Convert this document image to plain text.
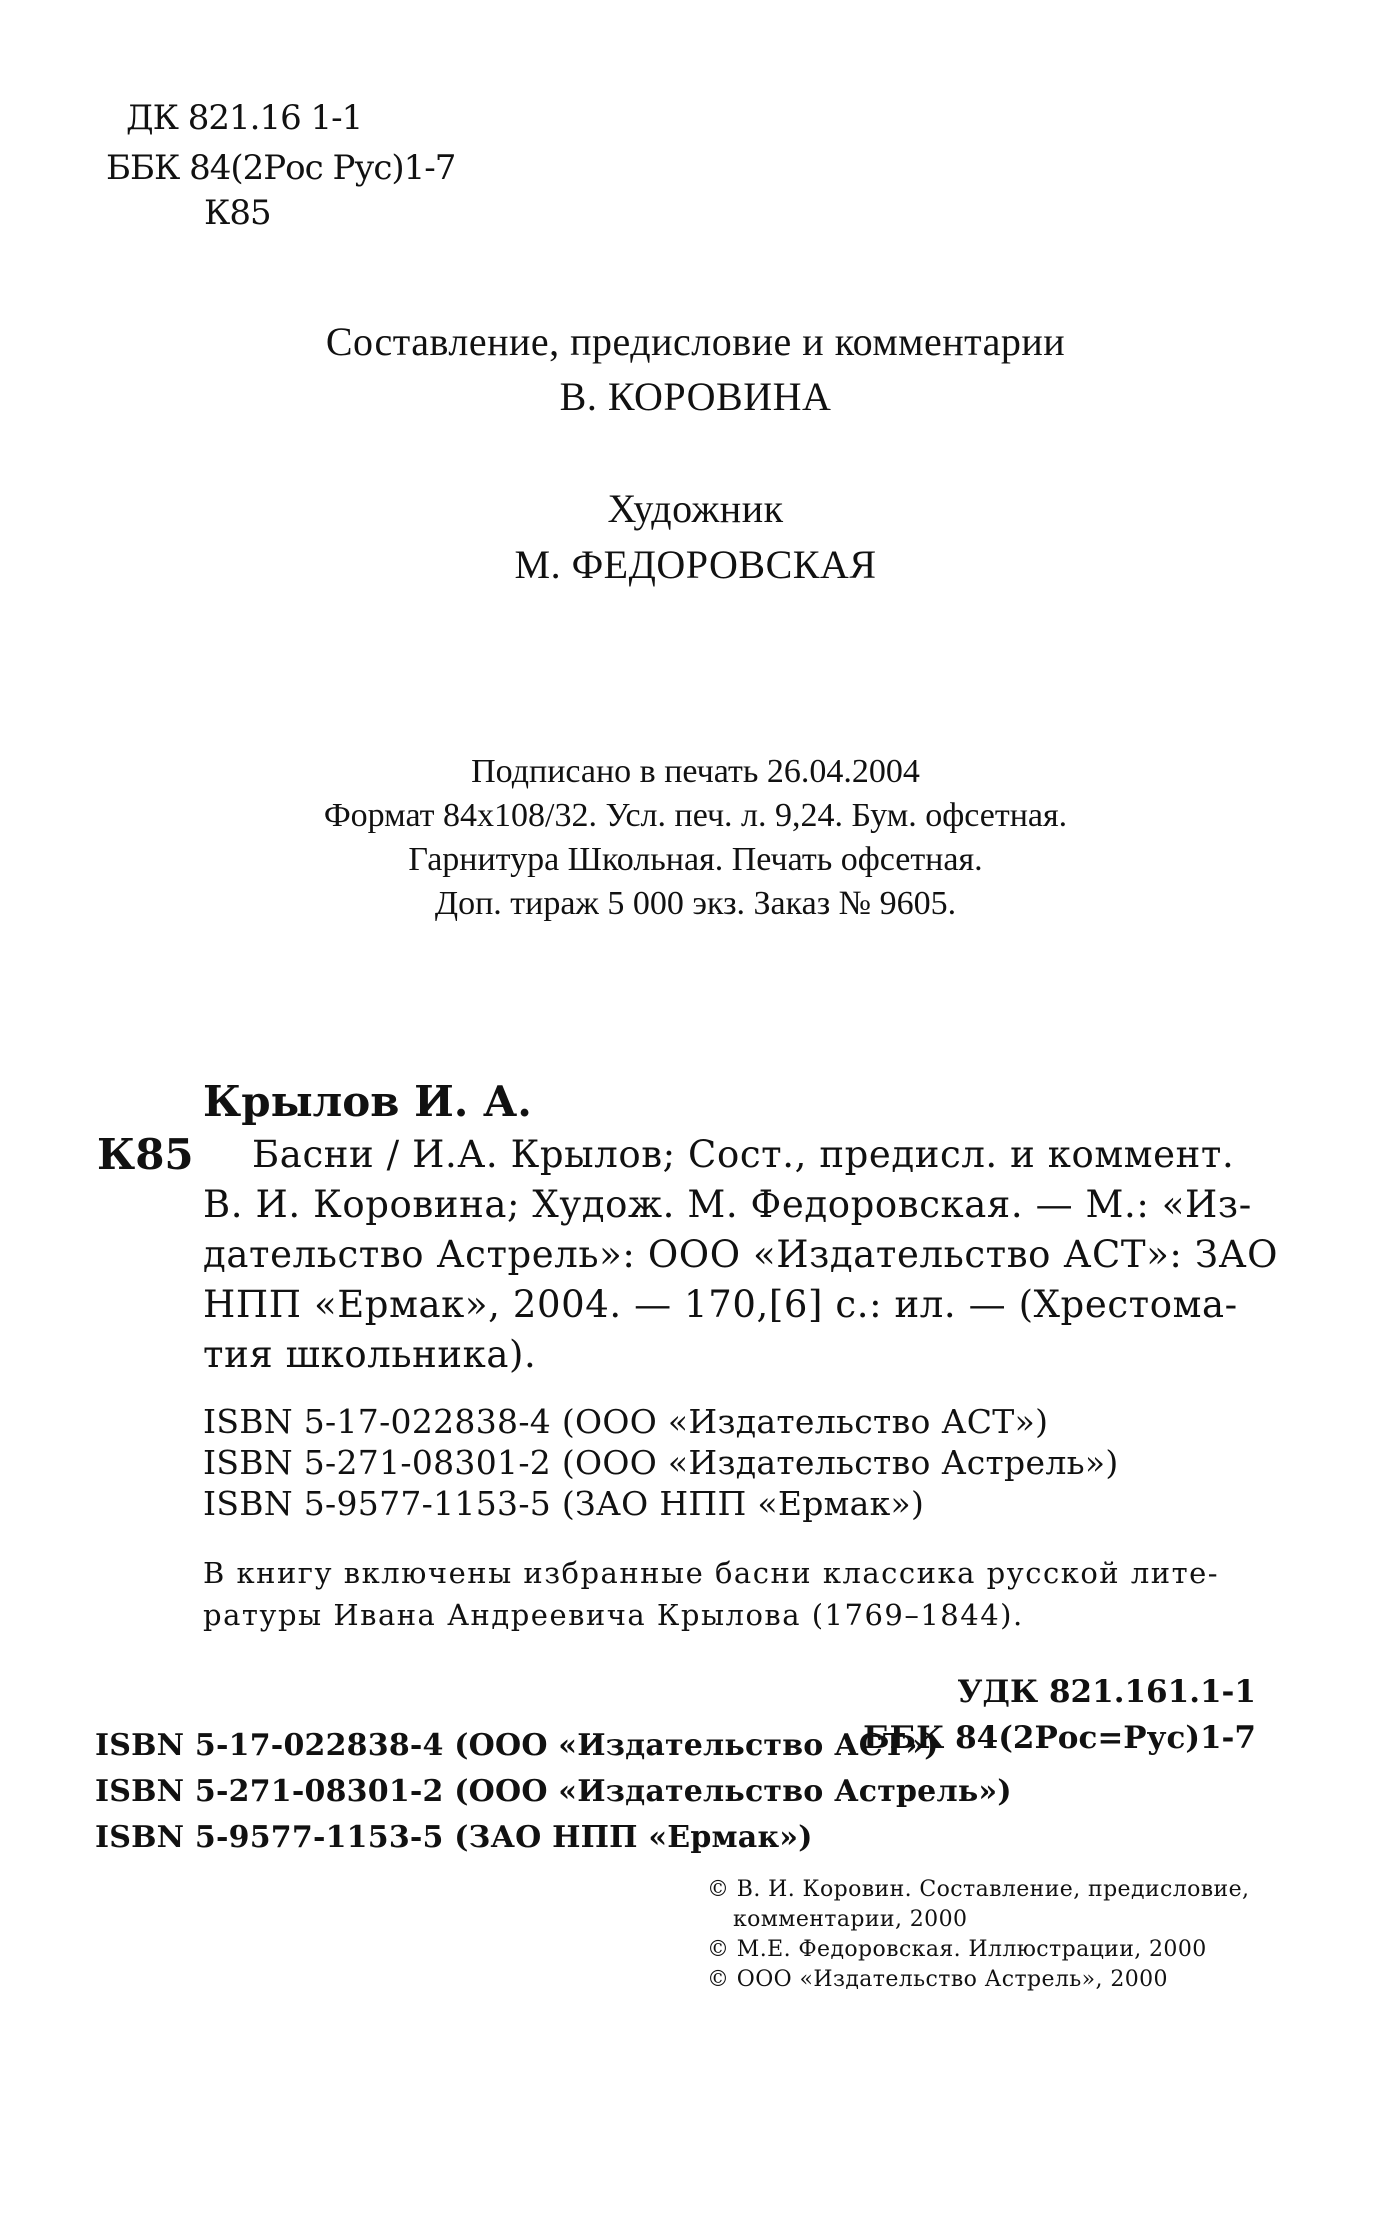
ДК 821.16 1-1
ББК 84(2Рос Рус)1-7
К85
Составление, предисловие и комментарии
В. КОРОВИНА
Художник
М. ФЕДОРОВСКАЯ
Подписано в печать 26.04.2004
Формат 84х108/32. Усл. печ. л. 9,24. Бум. офсетная.
Гарнитура Школьная. Печать офсетная.
Доп. тираж 5 000 экз. Заказ № 9605.
Крылов И. А.
К85 Басни / И.А. Крылов; Сост., предисл. и коммент.
В. И. Коровина; Худож. М. Федоровская. — М.: «Из-
дательство Астрель»: ООО «Издательство АСТ»: ЗАО
НПП «Ермак», 2004. — 170,[6] с.: ил. — (Хрестома-
тия школьника).
ISBN 5-17-022838-4 (ООО «Издательство АСТ»)
ISBN 5-271-08301-2 (ООО «Издательство Астрель»)
ISBN 5-9577-1153-5 (ЗАО НПП «Ермак»)
В книгу включены избранные басни классика русской лите-
ратуры Ивана Андреевича Крылова (1769–1844).
УДК 821.161.1-1
ББК 84(2Рос=Рус)1-7
ISBN 5-17-022838-4 (ООО «Издательство АСТ»)
ISBN 5-271-08301-2 (ООО «Издательство Астрель»)
ISBN 5-9577-1153-5 (ЗАО НПП «Ермак»)
© В. И. Коровин. Составление, предисловие,
комментарии, 2000
© М.Е. Федоровская. Иллюстрации, 2000
© ООО «Издательство Астрель», 2000
